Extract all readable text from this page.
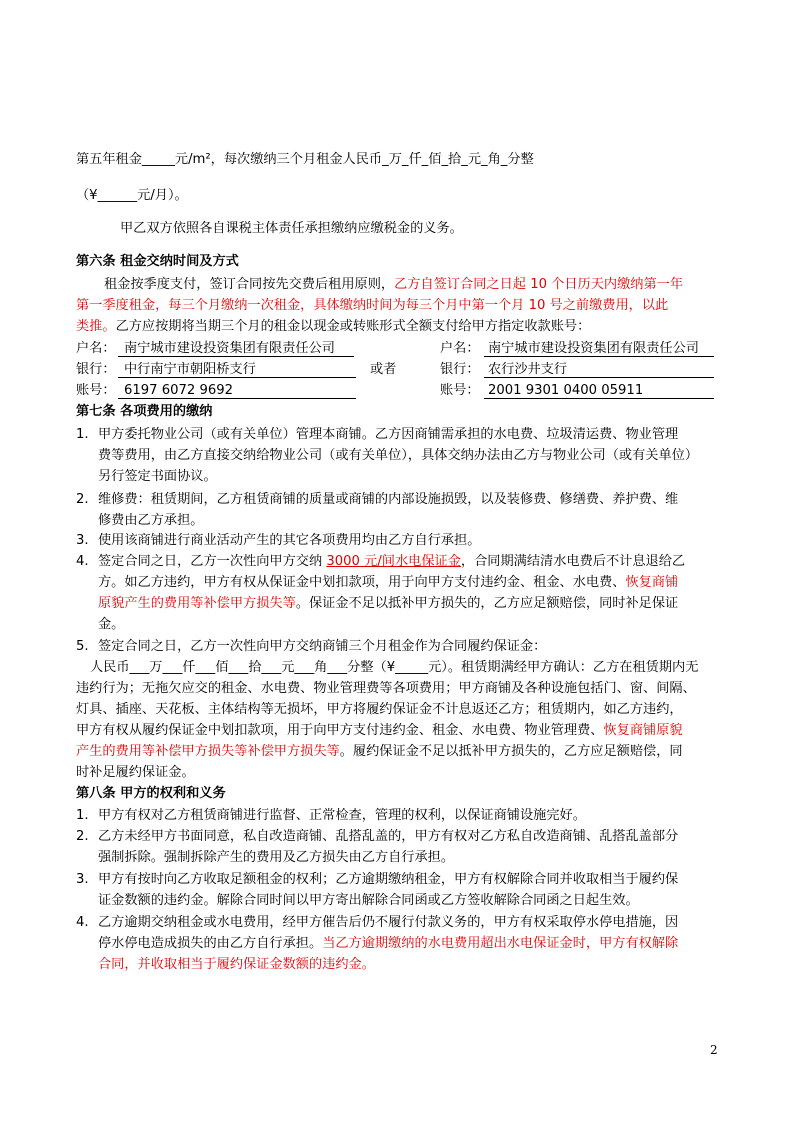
第五年租金_____元/m²，每次缴纳三个月租金人民币_万_仟_佰_拾_元_角_分整
（¥______元/月）。
甲乙双方依照各自课税主体责任承担缴纳应缴税金的义务。
第六条 租金交纳时间及方式
租金按季度支付，签订合同按先交费后租用原则，乙方自签订合同之日起 10 个日历天内缴纳第一年
第一季度租金，每三个月缴纳一次租金，具体缴纳时间为每三个月中第一个月 10 号之前缴费用，以此
类推。乙方应按期将当期三个月的租金以现金或转账形式全额支付给甲方指定收款账号：
户名： 南宁城市建设投资集团有限责任公司
银行： 中行南宁市朝阳桥支行	或者
账号： 6197 6072 9692
户名： 南宁城市建设投资集团有限责任公司
银行： 农行沙井支行
账号： 2001 9301 0400 05911
第七条 各项费用的缴纳
1. 甲方委托物业公司（或有关单位）管理本商铺。乙方因商铺需承担的水电费、垃圾清运费、物业管理
费等费用，由乙方直接交纳给物业公司（或有关单位），具体交纳办法由乙方与物业公司（或有关单位）
另行签定书面协议。
2. 维修费：租赁期间，乙方租赁商铺的质量或商铺的内部设施损毁，以及装修费、修缮费、养护费、维
修费由乙方承担。
3. 使用该商铺进行商业活动产生的其它各项费用均由乙方自行承担。
4. 签定合同之日，乙方一次性向甲方交纳 3000 元/间水电保证金，合同期满结清水电费后不计息退给乙
方。如乙方违约，甲方有权从保证金中划扣款项，用于向甲方支付违约金、租金、水电费、恢复商铺
原貌产生的费用等补偿甲方损失等。保证金不足以抵补甲方损失的，乙方应足额赔偿，同时补足保证
金。
5. 签定合同之日，乙方一次性向甲方交纳商铺三个月租金作为合同履约保证金：
人民币___万___仟___佰___拾___元___角___分整（¥_____元）。租赁期满经甲方确认：乙方在租赁期内无
违约行为；无拖欠应交的租金、水电费、物业管理费等各项费用；甲方商铺及各种设施包括门、窗、间隔、
灯具、插座、天花板、主体结构等无损坏，甲方将履约保证金不计息返还乙方；租赁期内，如乙方违约，
甲方有权从履约保证金中划扣款项，用于向甲方支付违约金、租金、水电费、物业管理费、恢复商铺原貌
产生的费用等补偿甲方损失等补偿甲方损失等。履约保证金不足以抵补甲方损失的，乙方应足额赔偿，同
时补足履约保证金。
第八条 甲方的权利和义务
1. 甲方有权对乙方租赁商铺进行监督、正常检查，管理的权利，以保证商铺设施完好。
2. 乙方未经甲方书面同意，私自改造商铺、乱搭乱盖的，甲方有权对乙方私自改造商铺、乱搭乱盖部分
强制拆除。强制拆除产生的费用及乙方损失由乙方自行承担。
3. 甲方有按时向乙方收取足额租金的权利；乙方逾期缴纳租金，甲方有权解除合同并收取相当于履约保
证金数额的违约金。解除合同时间以甲方寄出解除合同函或乙方签收解除合同函之日起生效。
4. 乙方逾期交纳租金或水电费用，经甲方催告后仍不履行付款义务的，甲方有权采取停水停电措施，因
停水停电造成损失的由乙方自行承担。当乙方逾期缴纳的水电费用超出水电保证金时，甲方有权解除
合同，并收取相当于履约保证金数额的违约金。
2
